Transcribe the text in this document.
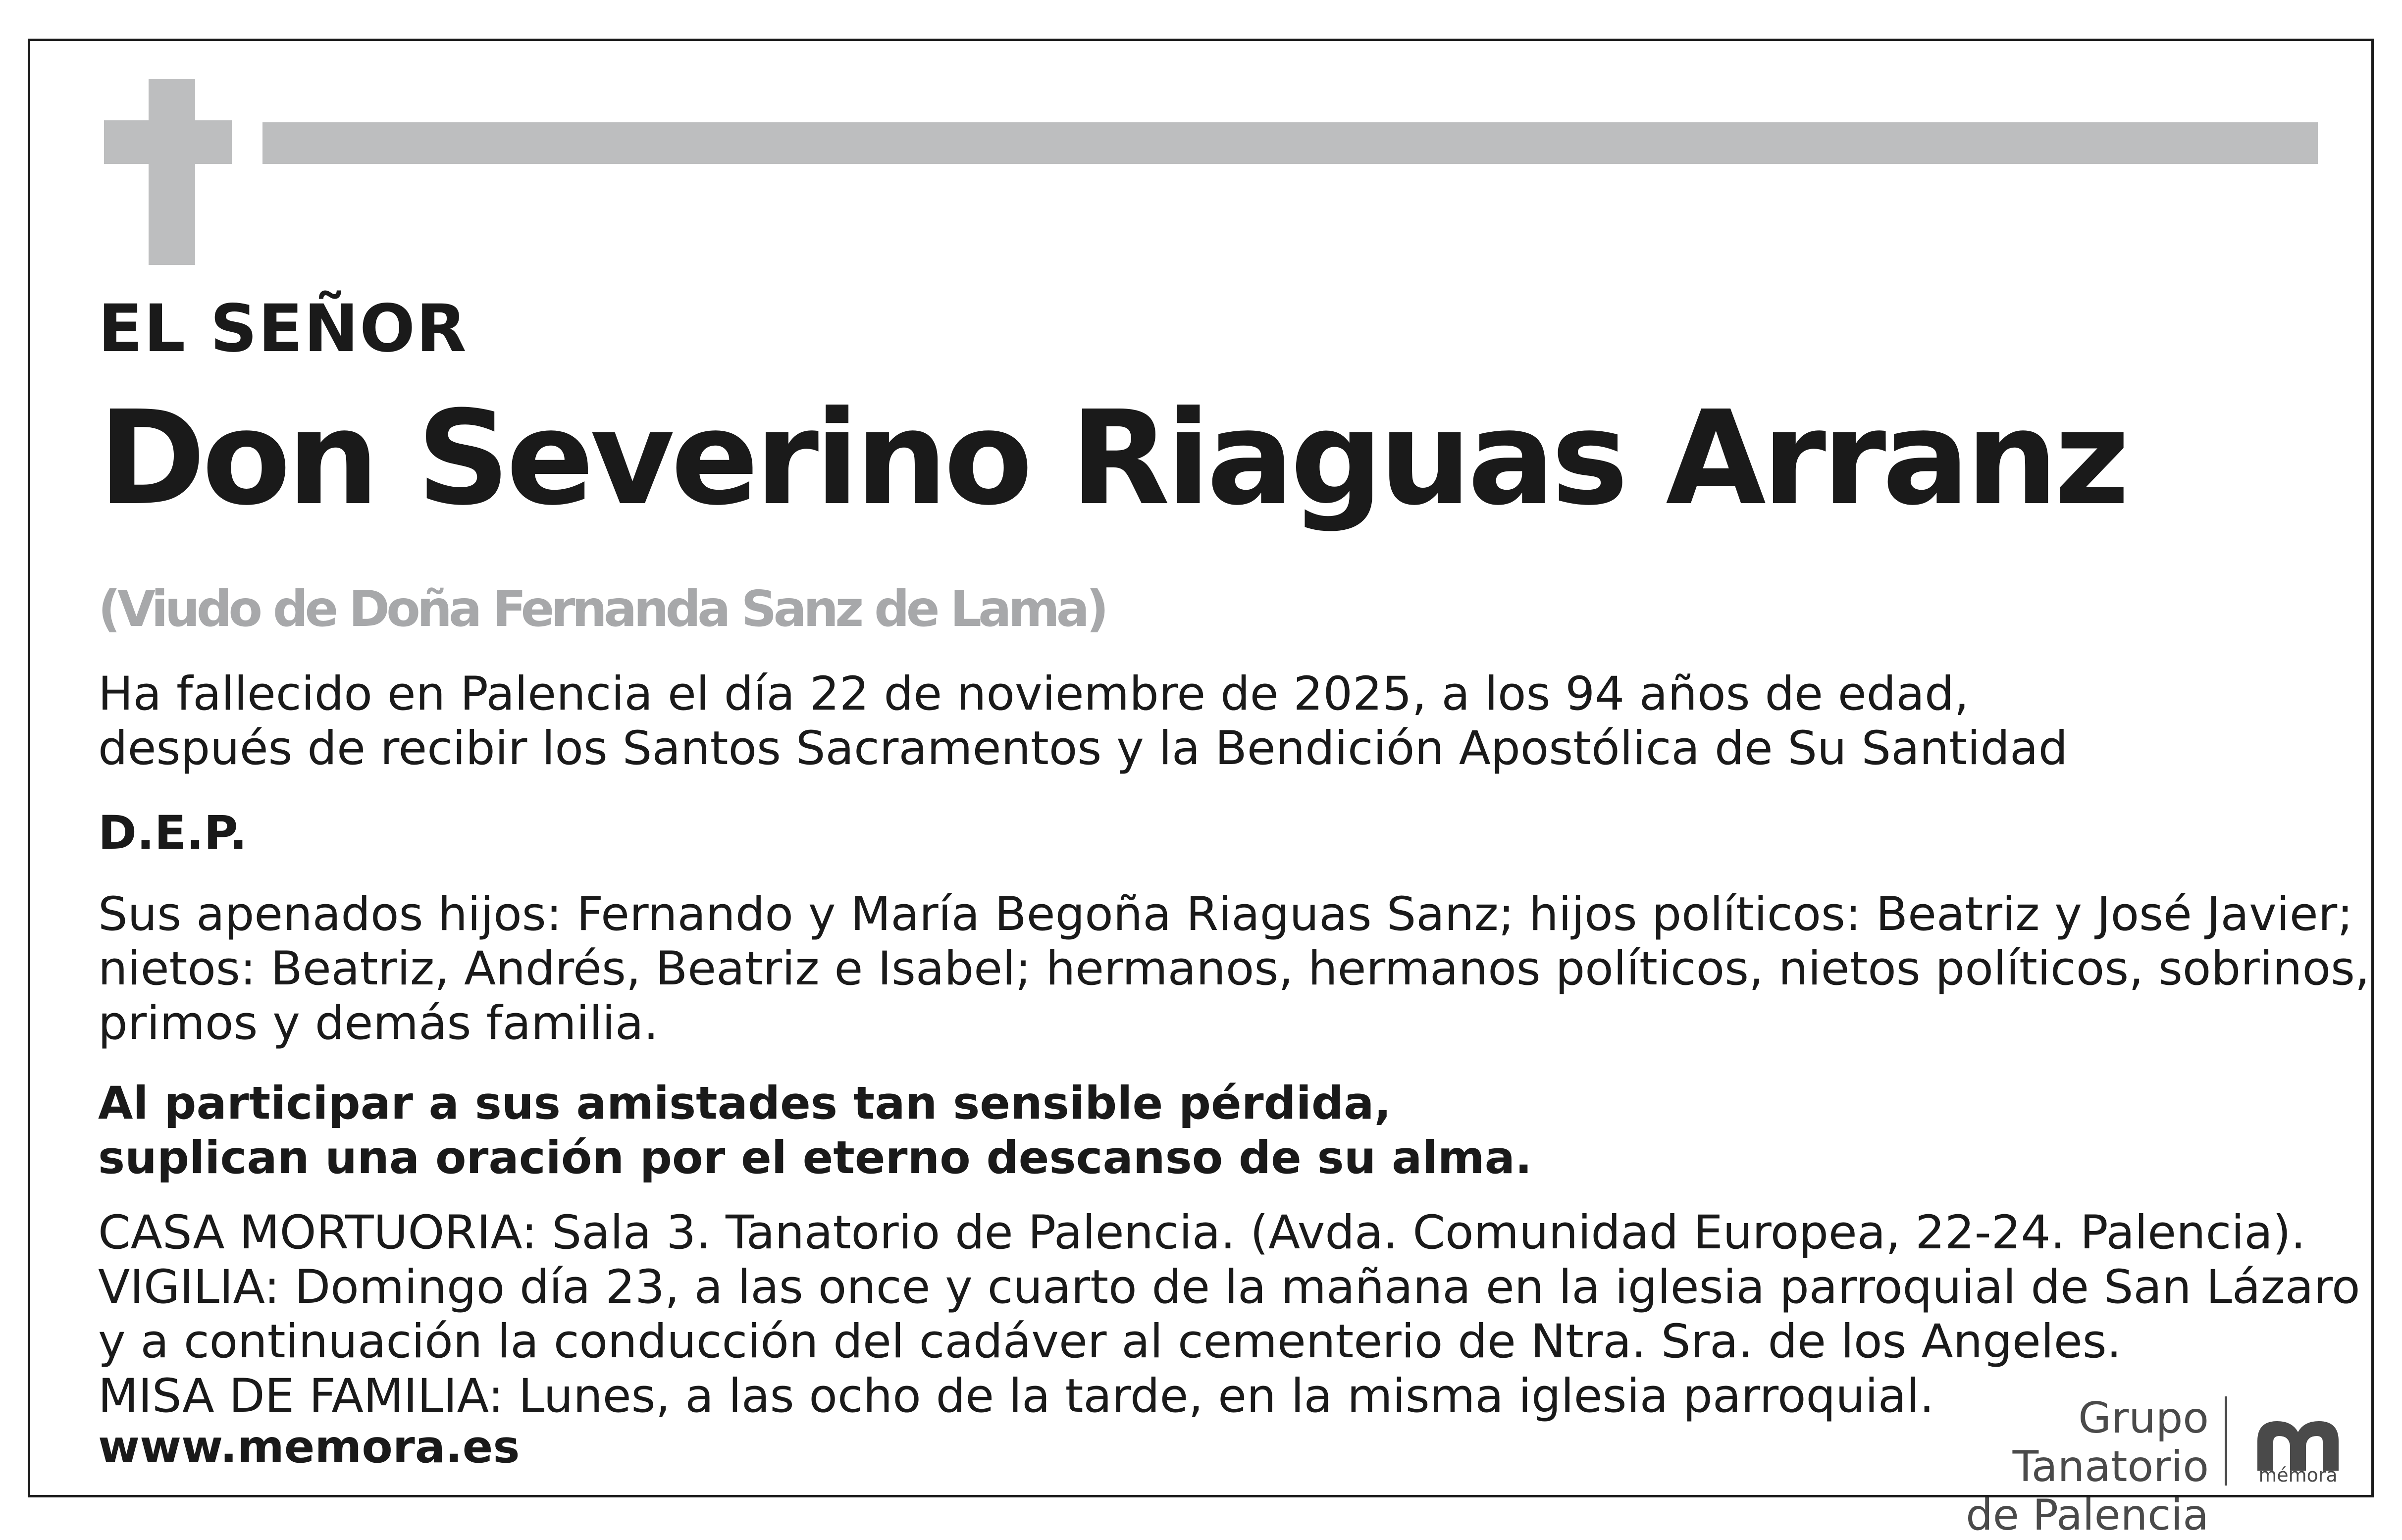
EL SEÑOR

Don Severino Riaguas Arranz

(Viudo de Doña Fernanda Sanz de Lama)

Ha fallecido en Palencia el día 22 de noviembre de 2025, a los 94 años de edad,
después de recibir los Santos Sacramentos y la Bendición Apostólica de Su Santidad

D.E.P.

Sus apenados hijos: Fernando y María Begoña Riaguas Sanz; hijos políticos: Beatriz y José Javier;
nietos: Beatriz, Andrés, Beatriz e Isabel; hermanos, hermanos políticos, nietos políticos, sobrinos,
primos y demás familia.
Al participar a sus amistades tan sensible pérdida,
suplican una oración por el eterno descanso de su alma.
CASA MORTUORIA: Sala 3. Tanatorio de Palencia. (Avda. Comunidad Europea, 22-24. Palencia).
VIGILIA: Domingo día 23, a las once y cuarto de la mañana en la iglesia parroquial de San Lázaro
y a continuación la conducción del cadáver al cementerio de Ntra. Sra. de los Angeles.
MISA DE FAMILIA: Lunes, a las ocho de la tarde, en la misma iglesia parroquial.

www.memora.es

Grupo Tanatorio
de Palencia
mémora
